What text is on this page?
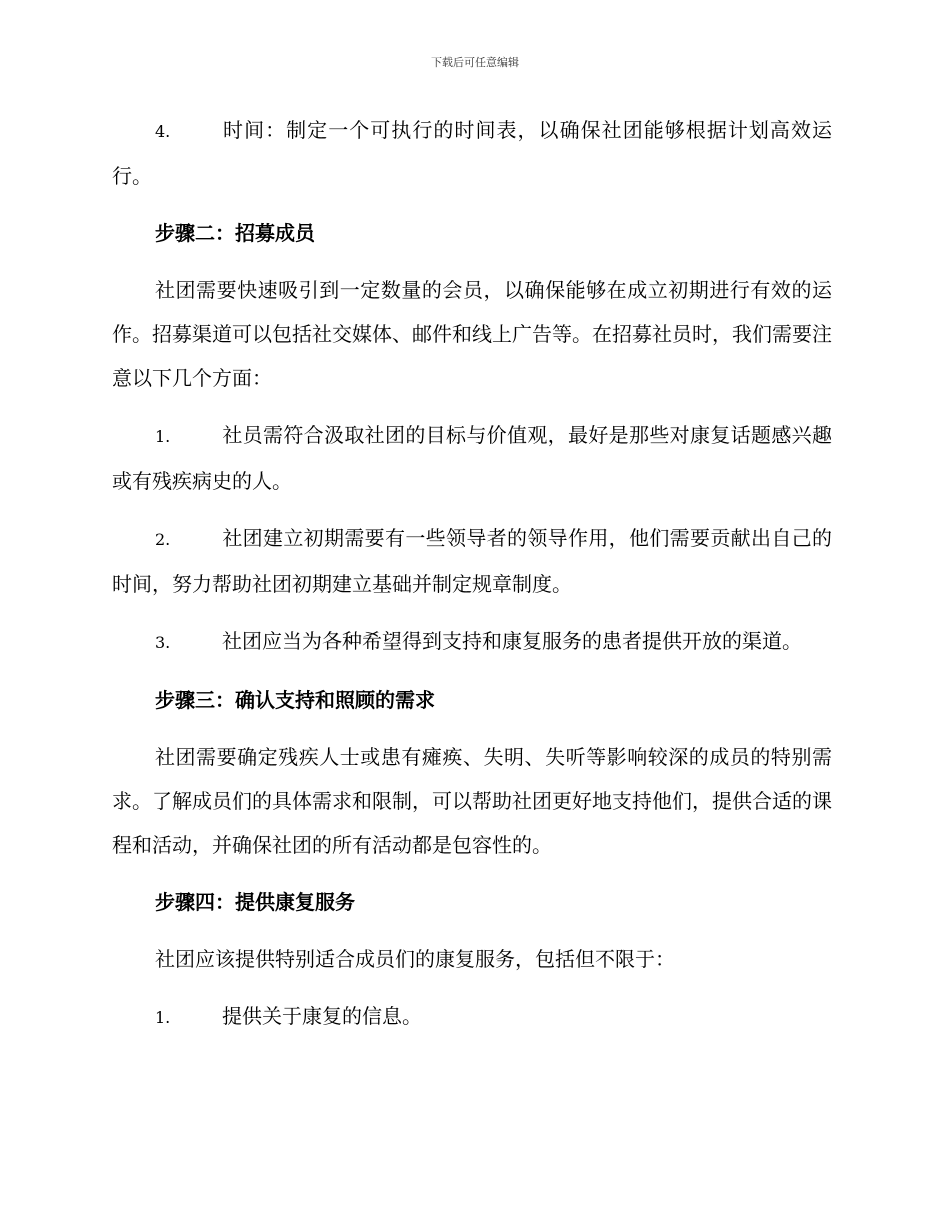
下载后可任意编辑

4.	时间：制定一个可执行的时间表，以确保社团能够根据计划高效运行。

步骤二：招募成员

社团需要快速吸引到一定数量的会员，以确保能够在成立初期进行有效的运作。招募渠道可以包括社交媒体、邮件和线上广告等。在招募社员时，我们需要注意以下几个方面：

1.	社员需符合汲取社团的目标与价值观，最好是那些对康复话题感兴趣或有残疾病史的人。

2.	社团建立初期需要有一些领导者的领导作用，他们需要贡献出自己的时间，努力帮助社团初期建立基础并制定规章制度。

3.	社团应当为各种希望得到支持和康复服务的患者提供开放的渠道。

步骤三：确认支持和照顾的需求

社团需要确定残疾人士或患有瘫痪、失明、失听等影响较深的成员的特别需求。了解成员们的具体需求和限制，可以帮助社团更好地支持他们，提供合适的课程和活动，并确保社团的所有活动都是包容性的。

步骤四：提供康复服务

社团应该提供特别适合成员们的康复服务，包括但不限于：

1.	提供关于康复的信息。
